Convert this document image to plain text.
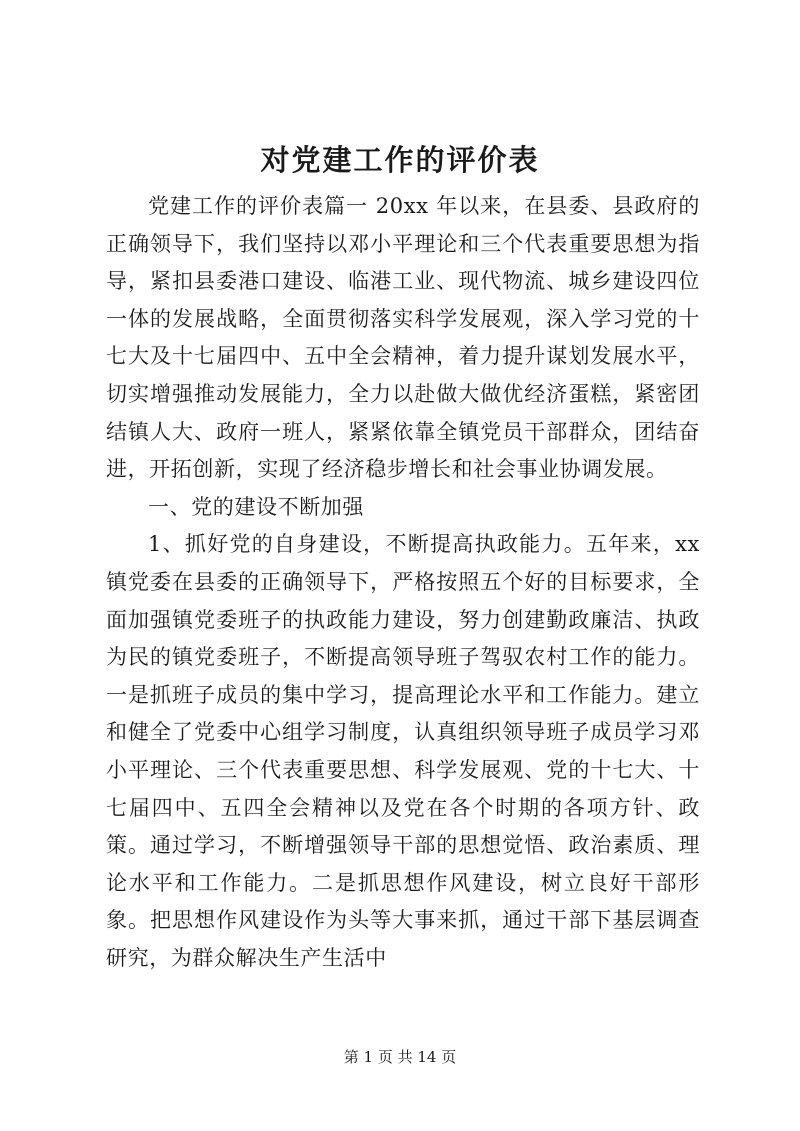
对党建工作的评价表

党建工作的评价表篇一 20xx 年以来，在县委、县政府的正确领导下，我们坚持以邓小平理论和三个代表重要思想为指导，紧扣县委港口建设、临港工业、现代物流、城乡建设四位一体的发展战略，全面贯彻落实科学发展观，深入学习党的十七大及十七届四中、五中全会精神，着力提升谋划发展水平，切实增强推动发展能力，全力以赴做大做优经济蛋糕，紧密团结镇人大、政府一班人，紧紧依靠全镇党员干部群众，团结奋进，开拓创新，实现了经济稳步增长和社会事业协调发展。

一、党的建设不断加强

1、抓好党的自身建设，不断提高执政能力。五年来，xx 镇党委在县委的正确领导下，严格按照五个好的目标要求，全面加强镇党委班子的执政能力建设，努力创建勤政廉洁、执政为民的镇党委班子，不断提高领导班子驾驭农村工作的能力。一是抓班子成员的集中学习，提高理论水平和工作能力。建立和健全了党委中心组学习制度，认真组织领导班子成员学习邓小平理论、三个代表重要思想、科学发展观、党的十七大、十七届四中、五四全会精神以及党在各个时期的各项方针、政策。通过学习，不断增强领导干部的思想觉悟、政治素质、理论水平和工作能力。二是抓思想作风建设，树立良好干部形象。把思想作风建设作为头等大事来抓，通过干部下基层调查研究，为群众解决生产生活中

第 1 页 共 14 页
